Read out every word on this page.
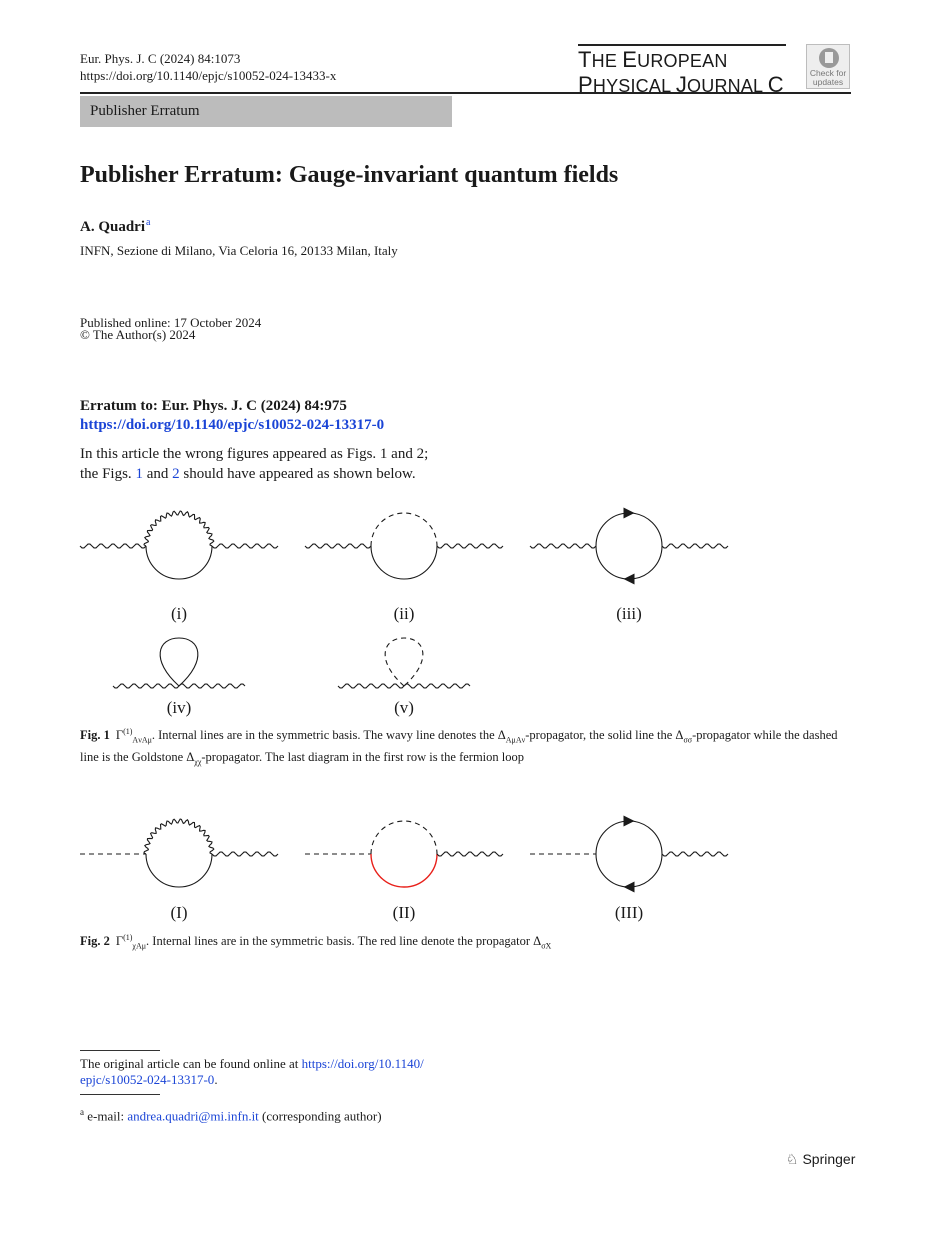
Eur. Phys. J. C (2024) 84:1073
https://doi.org/10.1140/epjc/s10052-024-13433-x
THE EUROPEAN
PHYSICAL JOURNAL C	Check for updates
Publisher Erratum
Publisher Erratum: Gauge-invariant quantum fields
A. Quadri$^a$
INFN, Sezione di Milano, Via Celoria 16, 20133 Milan, Italy
Published online: 17 October 2024
© The Author(s) 2024
Erratum to: Eur. Phys. J. C (2024) 84:975
https://doi.org/10.1140/epjc/s10052-024-13317-0
In this article the wrong figures appeared as Figs. 1 and 2;
the Figs. 1 and 2 should have appeared as shown below.
(i)	(ii)	(iii)
(iv)	(v)
(I)	(II)	(III)
Fig. 1 $\Gamma^{(1)}_{A\nu A\mu}$. Internal lines are in the symmetric basis. The wavy line denotes the $\Delta_{A\mu A\nu}$-propagator, the solid line the $\Delta_{\sigma\sigma}$-propagator while the dashed line is the Goldstone $\Delta_{\chi\chi}$-propagator. The last diagram in the first row is the fermion loop
Fig. 2 $\Gamma^{(1)}_{\chi A\mu}$. Internal lines are in the symmetric basis. The red line denote the propagator $\Delta_{\sigma X}$
The original article can be found online at https://doi.org/10.1140/
epjc/s10052-024-13317-0.
$^a$ e-mail: andrea.quadri@mi.infn.it (corresponding author)
♘ Springer
